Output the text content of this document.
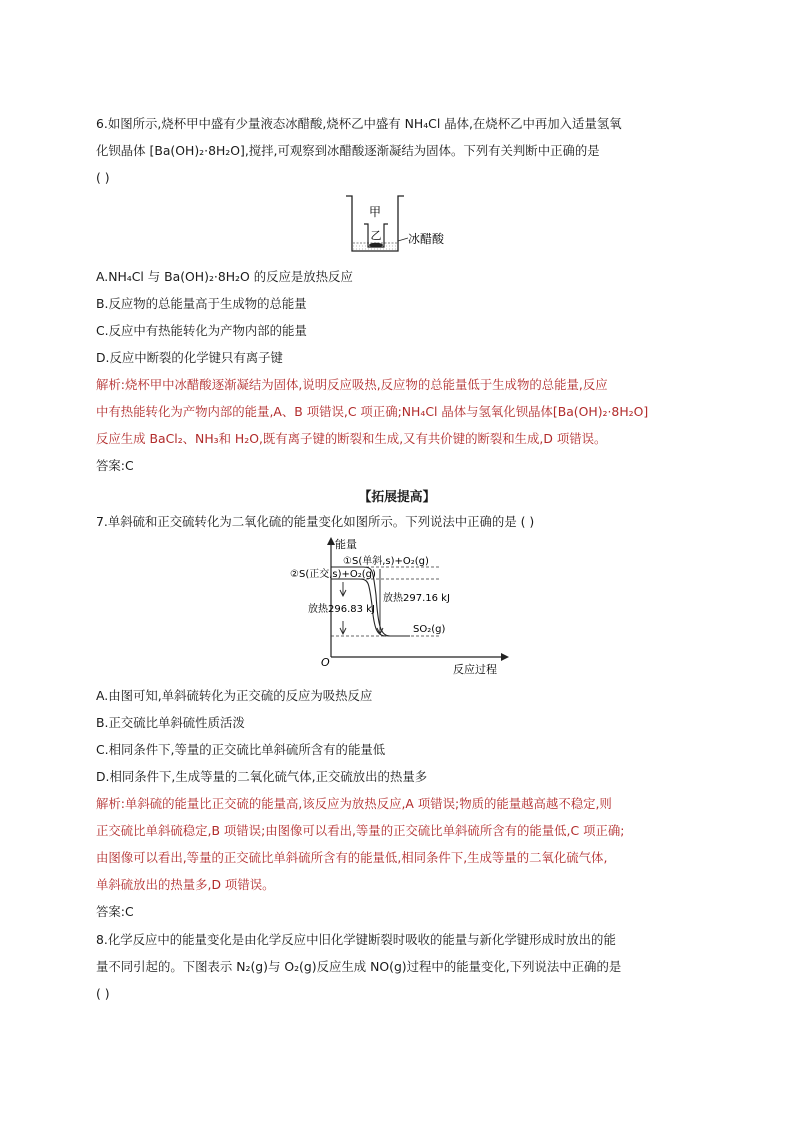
6.如图所示,烧杯甲中盛有少量液态冰醋酸,烧杯乙中盛有 NH₄Cl 晶体,在烧杯乙中再加入适量氢氧
化钡晶体 [Ba(OH)₂·8H₂O],搅拌,可观察到冰醋酸逐渐凝结为固体。下列有关判断中正确的是
( )
甲
乙 冰醋酸
A.NH₄Cl 与 Ba(OH)₂·8H₂O 的反应是放热反应
B.反应物的总能量高于生成物的总能量
C.反应中有热能转化为产物内部的能量
D.反应中断裂的化学键只有离子键
解析:烧杯甲中冰醋酸逐渐凝结为固体,说明反应吸热,反应物的总能量低于生成物的总能量,反应
中有热能转化为产物内部的能量,A、B 项错误,C 项正确;NH₄Cl 晶体与氢氧化钡晶体[Ba(OH)₂·8H₂O]
反应生成 BaCl₂、NH₃和 H₂O,既有离子键的断裂和生成,又有共价键的断裂和生成,D 项错误。
答案:C
【拓展提高】
7.单斜硫和正交硫转化为二氧化硫的能量变化如图所示。下列说法中正确的是 ( )
能量
反应过程
O
①S(单斜,s)+O₂(g)
②S(正交,s)+O₂(g)
放热297.16 kJ
放热296.83 kJ
SO₂(g)
A.由图可知,单斜硫转化为正交硫的反应为吸热反应
B.正交硫比单斜硫性质活泼
C.相同条件下,等量的正交硫比单斜硫所含有的能量低
D.相同条件下,生成等量的二氧化硫气体,正交硫放出的热量多
解析:单斜硫的能量比正交硫的能量高,该反应为放热反应,A 项错误;物质的能量越高越不稳定,则
正交硫比单斜硫稳定,B 项错误;由图像可以看出,等量的正交硫比单斜硫所含有的能量低,C 项正确;
由图像可以看出,等量的正交硫比单斜硫所含有的能量低,相同条件下,生成等量的二氧化硫气体,
单斜硫放出的热量多,D 项错误。
答案:C
8.化学反应中的能量变化是由化学反应中旧化学键断裂时吸收的能量与新化学键形成时放出的能
量不同引起的。下图表示 N₂(g)与 O₂(g)反应生成 NO(g)过程中的能量变化,下列说法中正确的是
( )
